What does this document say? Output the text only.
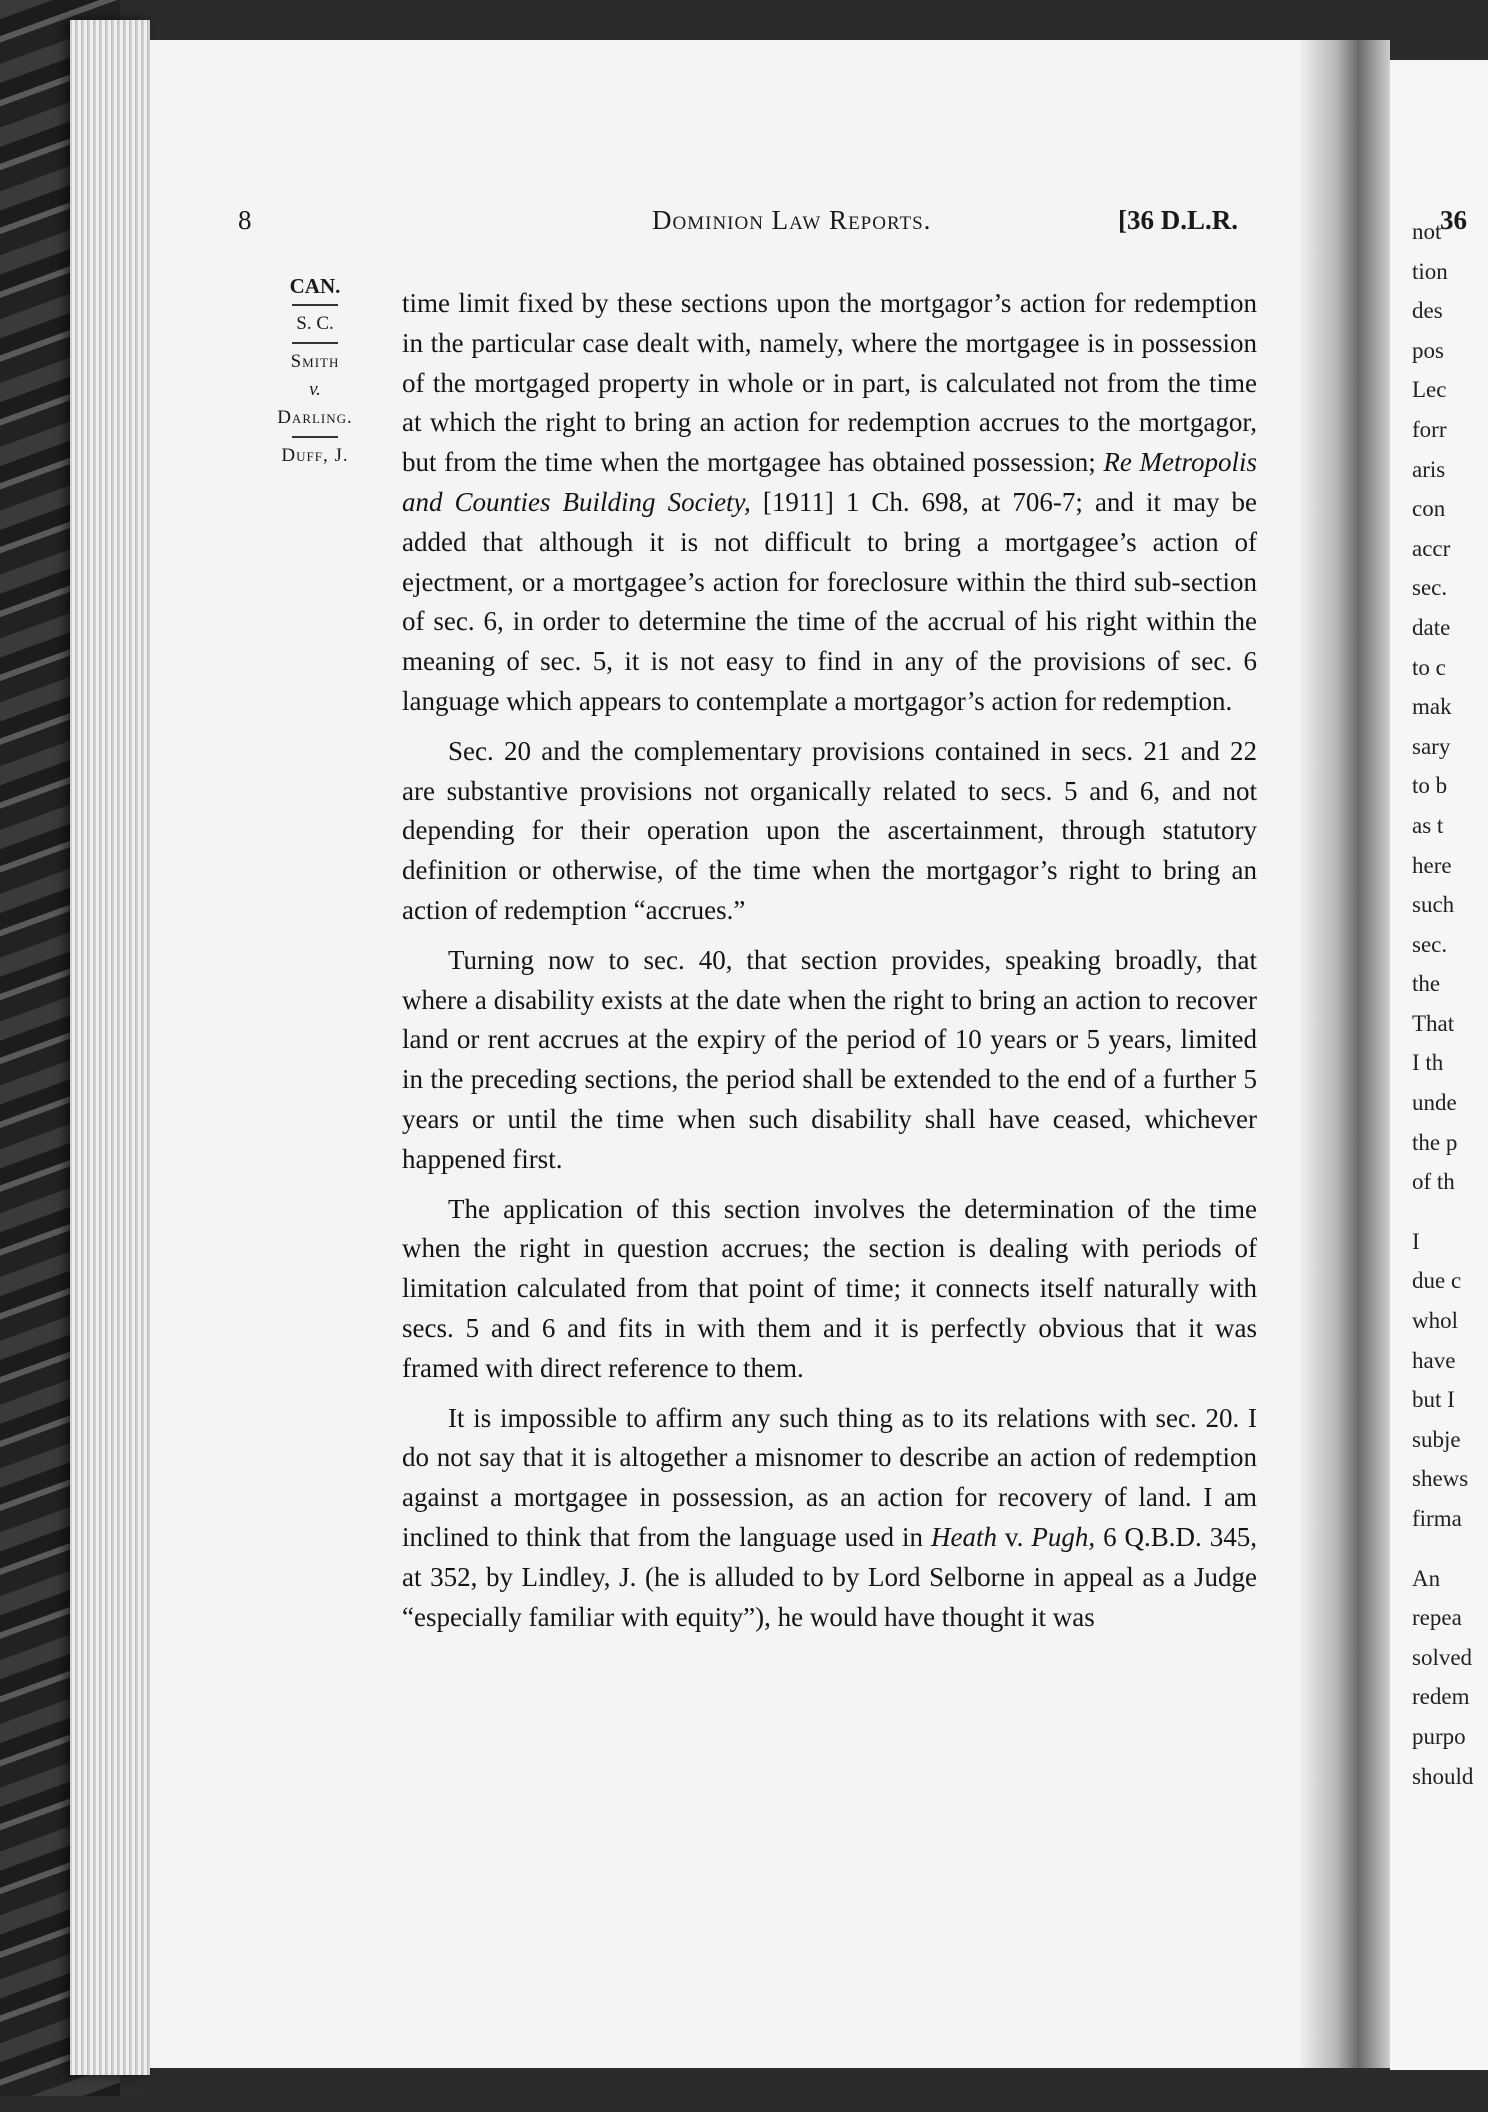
not
tion
des
pos
Lec
forr
aris
con
accr
sec.
date
to c
mak
sary
to b
as t
here
such
sec.
the
That
I th
unde
the p
of th
I
due c
whol
have
but I
subje
shews
firma
An
repea
solved
redem
purpo
should
8	Dominion Law Reports.	[36 D.L.R.	36
CAN.
S. C.
Smith
v.
Darling.
Duff, J.

time limit fixed by these sections upon the mortgagor’s action for redemption in the particular case dealt with, namely, where the mortgagee is in possession of the mortgaged property in whole or in part, is calculated not from the time at which the right to bring an action for redemption accrues to the mortgagor, but from the time when the mortgagee has obtained possession; Re Metropolis and Counties Building Society, [1911] 1 Ch. 698, at 706-7; and it may be added that although it is not difficult to bring a mortgagee’s action of ejectment, or a mortgagee’s action for foreclosure within the third sub-section of sec. 6, in order to determine the time of the accrual of his right within the meaning of sec. 5, it is not easy to find in any of the provisions of sec. 6 language which appears to contemplate a mortgagor’s action for redemption.

Sec. 20 and the complementary provisions contained in secs. 21 and 22 are substantive provisions not organically related to secs. 5 and 6, and not depending for their operation upon the ascertainment, through statutory definition or otherwise, of the time when the mortgagor’s right to bring an action of redemption “accrues.”

Turning now to sec. 40, that section provides, speaking broadly, that where a disability exists at the date when the right to bring an action to recover land or rent accrues at the expiry of the period of 10 years or 5 years, limited in the preceding sections, the period shall be extended to the end of a further 5 years or until the time when such disability shall have ceased, whichever happened first.

The application of this section involves the determination of the time when the right in question accrues; the section is dealing with periods of limitation calculated from that point of time; it connects itself naturally with secs. 5 and 6 and fits in with them and it is perfectly obvious that it was framed with direct reference to them.

It is impossible to affirm any such thing as to its relations with sec. 20. I do not say that it is altogether a misnomer to describe an action of redemption against a mortgagee in possession, as an action for recovery of land. I am inclined to think that from the language used in Heath v. Pugh, 6 Q.B.D. 345, at 352, by Lindley, J. (he is alluded to by Lord Selborne in appeal as a Judge “especially familiar with equity”), he would have thought it was
